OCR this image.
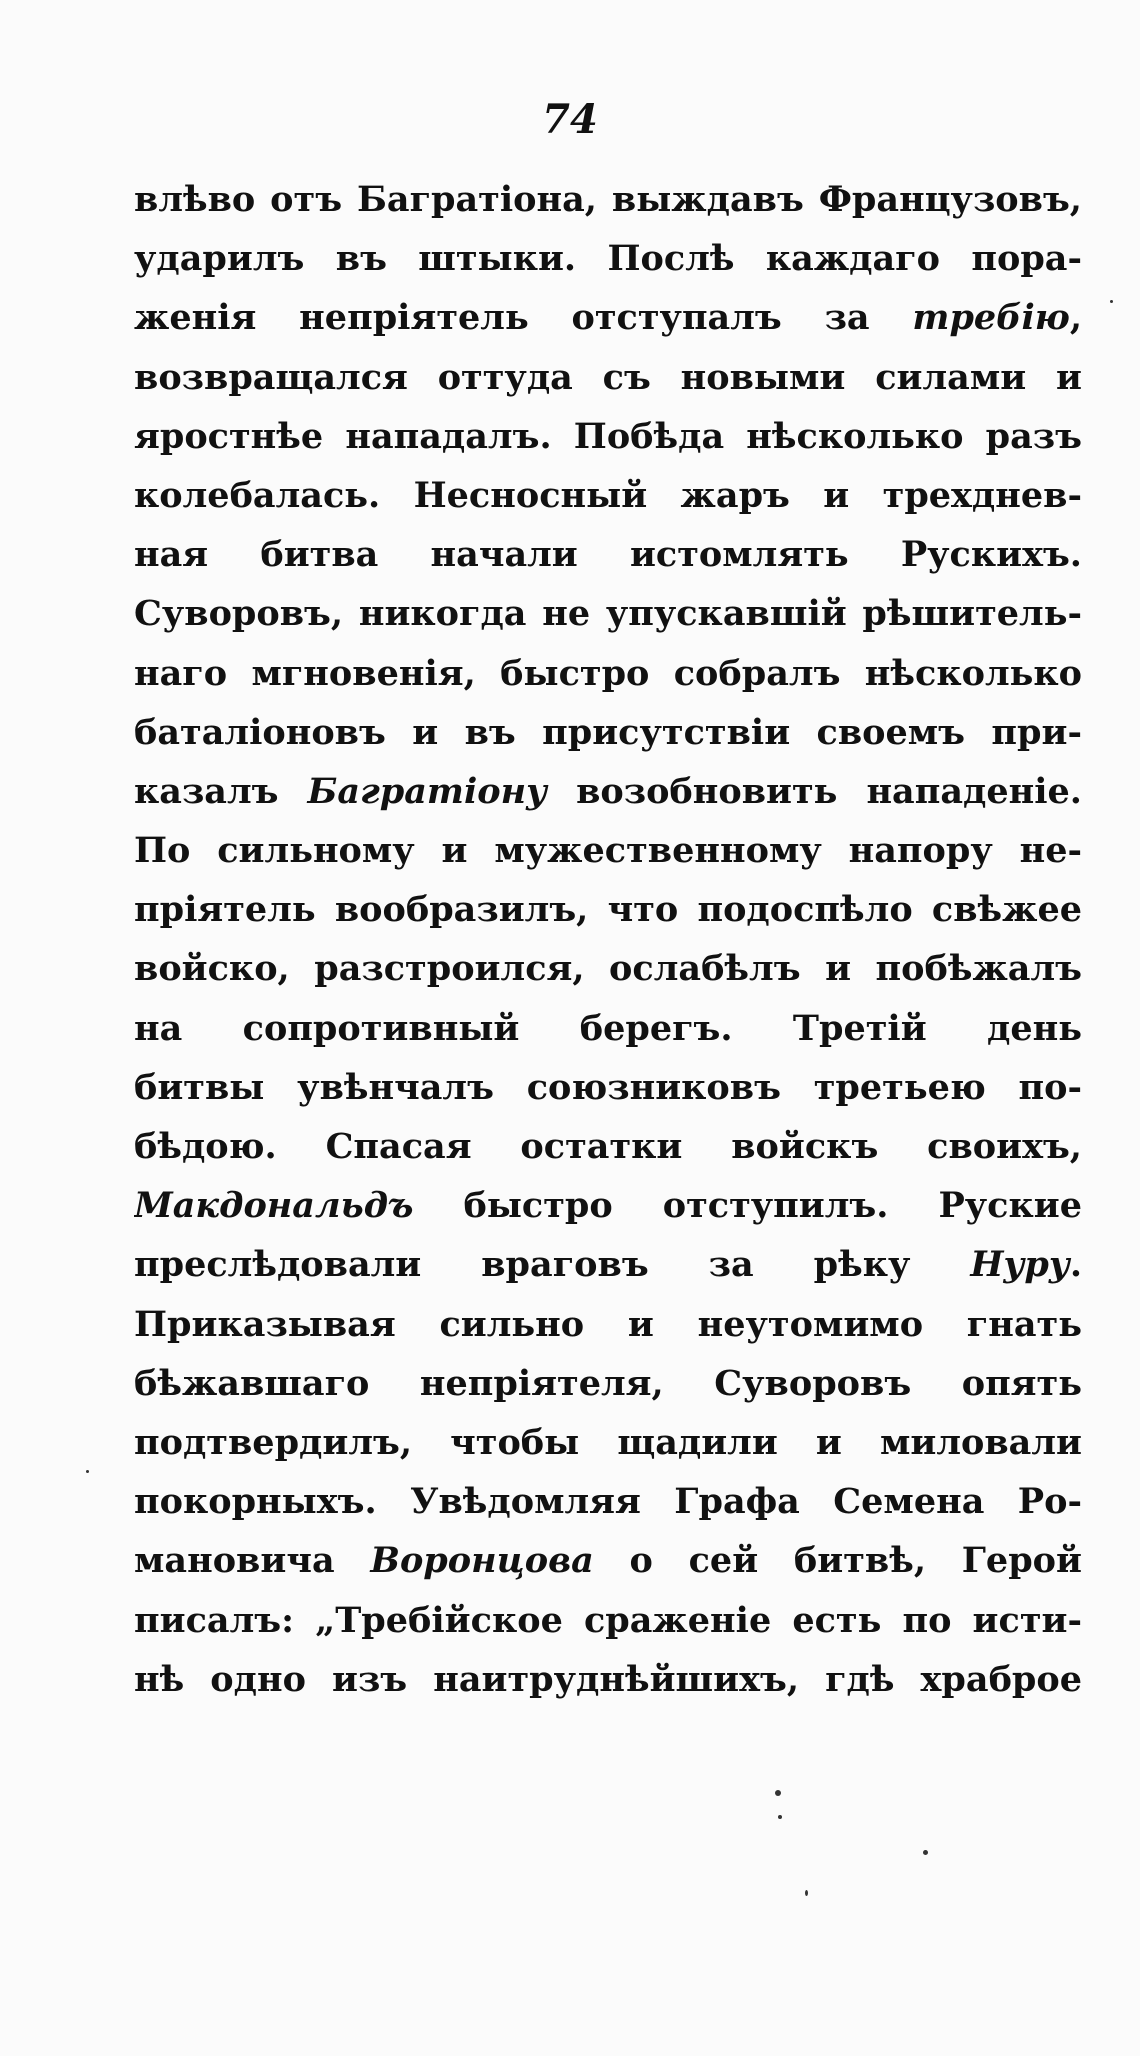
74
влѣво отъ Багратіона, выждавъ Французовъ,
ударилъ въ штыки. Послѣ каждаго пора-
женія непріятель отступалъ за требію,
возвращался оттуда съ новыми силами и
яростнѣе нападалъ. Побѣда нѣсколько разъ
колебалась. Несносный жаръ и трехднев-
ная битва начали истомлять Рускихъ.
Суворовъ, никогда не упускавшій рѣшитель-
наго мгновенія, быстро собралъ нѣсколько
баталіоновъ и въ присутствіи своемъ при-
казалъ Багратіону возобновить нападеніе.
По сильному и мужественному напору не-
пріятель вообразилъ, что подоспѣло свѣжее
войско, разстроился, ослабѣлъ и побѣжалъ
на сопротивный берегъ. Третій день
битвы увѣнчалъ союзниковъ третьею по-
бѣдою. Спасая остатки войскъ своихъ,
Макдональдъ быстро отступилъ. Руские
преслѣдовали враговъ за рѣку Нуру.
Приказывая сильно и неутомимо гнать
бѣжавшаго непріятеля, Суворовъ опять
подтвердилъ, чтобы щадили и миловали
покорныхъ. Увѣдомляя Графа Семена Ро-
мановича Воронцова о сей битвѣ, Герой
писалъ: „Требійское сраженіе есть по исти-
нѣ одно изъ наитруднѣйшихъ, гдѣ храброе
